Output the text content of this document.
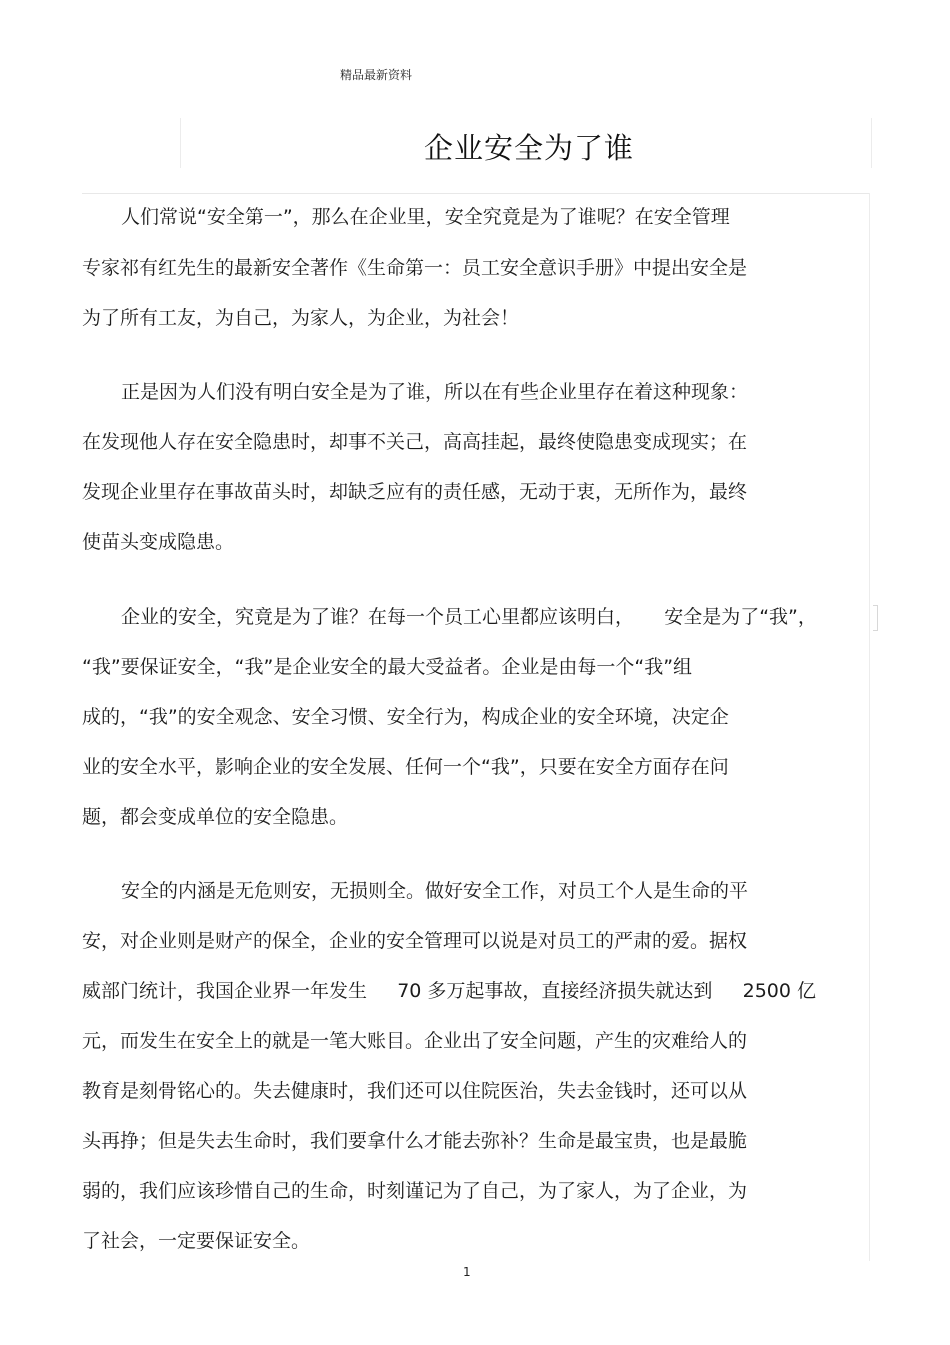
精品最新资料
企业安全为了谁
人们常说“安全第一”，那么在企业里，安全究竟是为了谁呢？在安全管理
专家祁有红先生的最新安全著作《生命第一：员工安全意识手册》中提出安全是
为了所有工友，为自己，为家人，为企业，为社会！
正是因为人们没有明白安全是为了谁，所以在有些企业里存在着这种现象：
在发现他人存在安全隐患时，却事不关己，高高挂起，最终使隐患变成现实；在
发现企业里存在事故苗头时，却缺乏应有的责任感，无动于衷，无所作为，最终
使苗头变成隐患。
企业的安全，究竟是为了谁？在每一个员工心里都应该明白，     安全是为了“我”，
“我”要保证安全，“我”是企业安全的最大受益者。企业是由每一个“我”组
成的，“我”的安全观念、安全习惯、安全行为，构成企业的安全环境，决定企
业的安全水平，影响企业的安全发展、任何一个“我”，只要在安全方面存在问
题，都会变成单位的安全隐患。
安全的内涵是无危则安，无损则全。做好安全工作，对员工个人是生命的平
安，对企业则是财产的保全，企业的安全管理可以说是对员工的严肃的爱。据权
威部门统计，我国企业界一年发生     70 多万起事故，直接经济损失就达到     2500 亿
元，而发生在安全上的就是一笔大账目。企业出了安全问题，产生的灾难给人的
教育是刻骨铭心的。失去健康时，我们还可以住院医治，失去金钱时，还可以从
头再挣；但是失去生命时，我们要拿什么才能去弥补？生命是最宝贵，也是最脆
弱的，我们应该珍惜自己的生命，时刻谨记为了自己，为了家人，为了企业，为
了社会，一定要保证安全。
1
